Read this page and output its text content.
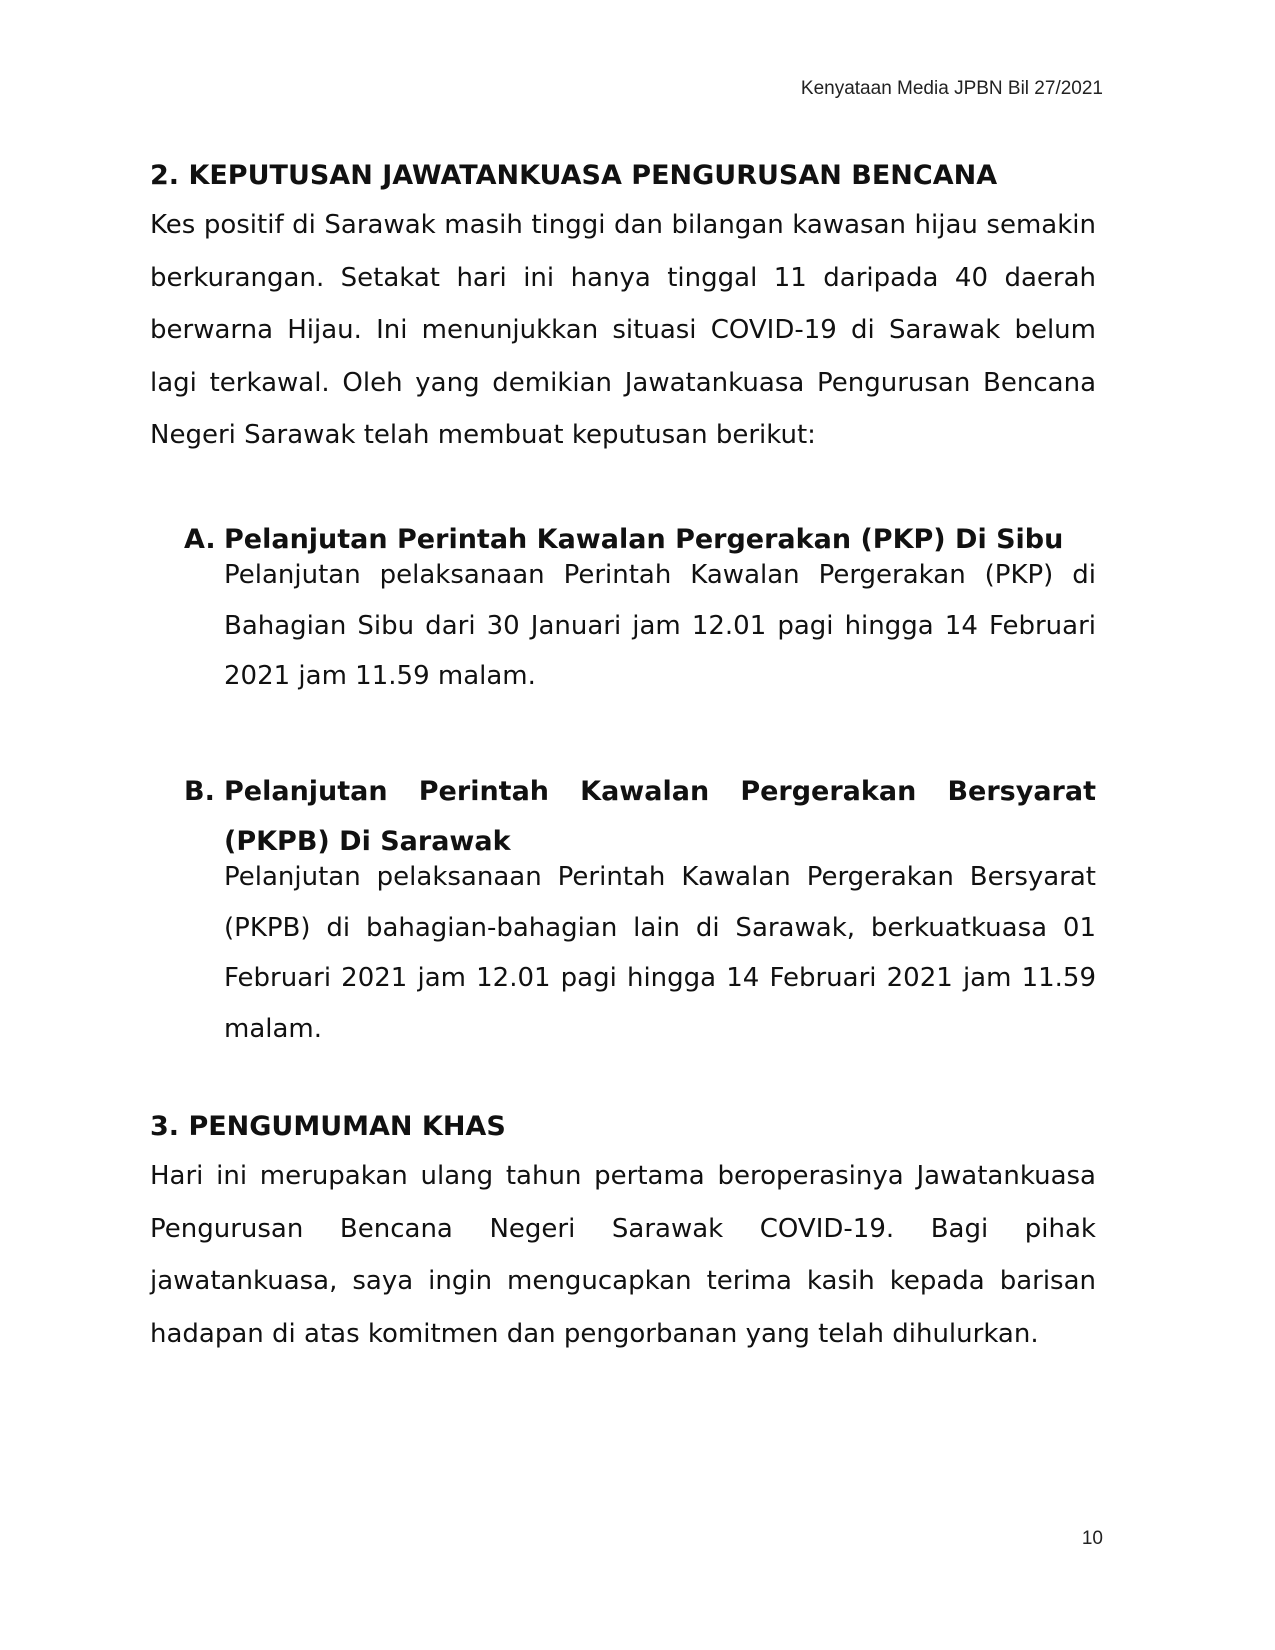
Kenyataan Media JPBN Bil 27/2021
2. KEPUTUSAN JAWATANKUASA PENGURUSAN BENCANA

Kes positif di Sarawak masih tinggi dan bilangan kawasan hijau semakin berkurangan. Setakat hari ini hanya tinggal 11 daripada 40 daerah berwarna Hijau. Ini menunjukkan situasi COVID-19 di Sarawak belum lagi terkawal. Oleh yang demikian Jawatankuasa Pengurusan Bencana Negeri Sarawak telah membuat keputusan berikut:

A. Pelanjutan Perintah Kawalan Pergerakan (PKP) Di Sibu

Pelanjutan pelaksanaan Perintah Kawalan Pergerakan (PKP) di Bahagian Sibu dari 30 Januari jam 12.01 pagi hingga 14 Februari 2021 jam 11.59 malam.

B. Pelanjutan Perintah Kawalan Pergerakan Bersyarat (PKPB) Di Sarawak

Pelanjutan pelaksanaan Perintah Kawalan Pergerakan Bersyarat (PKPB) di bahagian-bahagian lain di Sarawak, berkuatkuasa 01 Februari 2021 jam 12.01 pagi hingga 14 Februari 2021 jam 11.59 malam.

3. PENGUMUMAN KHAS

Hari ini merupakan ulang tahun pertama beroperasinya Jawatankuasa Pengurusan Bencana Negeri Sarawak COVID-19. Bagi pihak jawatankuasa, saya ingin mengucapkan terima kasih kepada barisan hadapan di atas komitmen dan pengorbanan yang telah dihulurkan.

10
